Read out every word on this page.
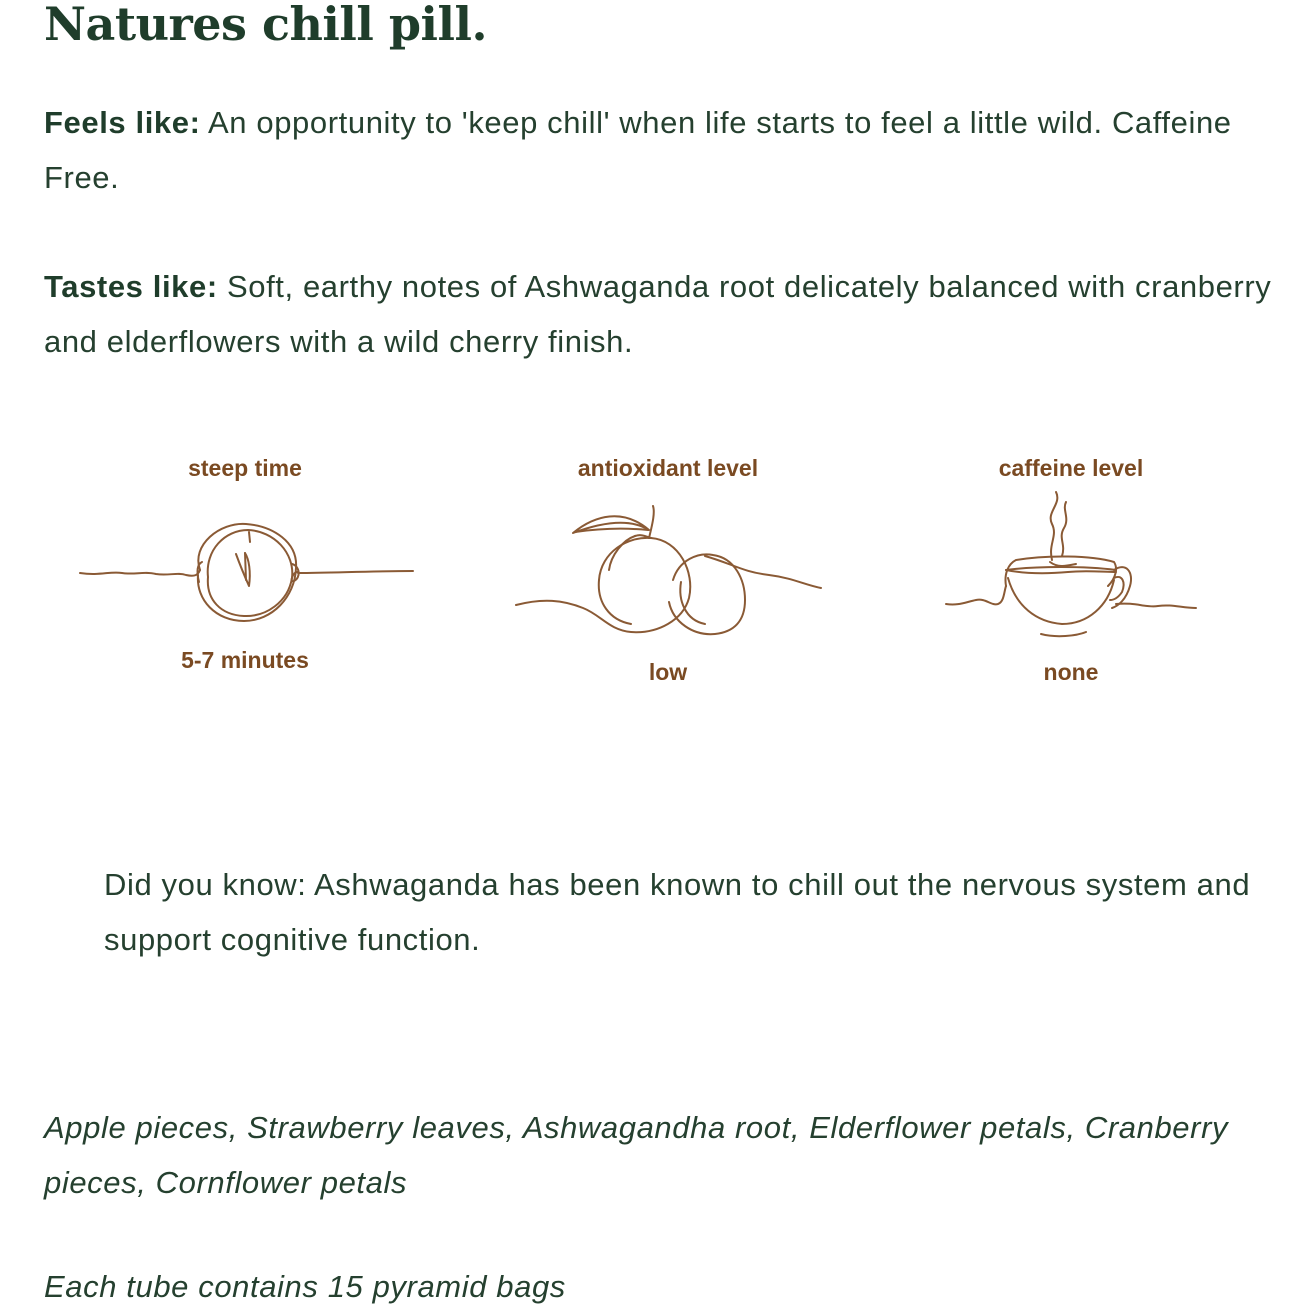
Natures chill pill.

Feels like: An opportunity to 'keep chill' when life starts to feel a little wild. Caffeine Free.

Tastes like: Soft, earthy notes of Ashwaganda root delicately balanced with cranberry and elderflowers with a wild cherry finish.

steep time
5-7 minutes
antioxidant level
low
caffeine level
none

Did you know: Ashwaganda has been known to chill out the nervous system and support cognitive function.

Apple pieces, Strawberry leaves, Ashwagandha root, Elderflower petals, Cranberry pieces, Cornflower petals

Each tube contains 15 pyramid bags
